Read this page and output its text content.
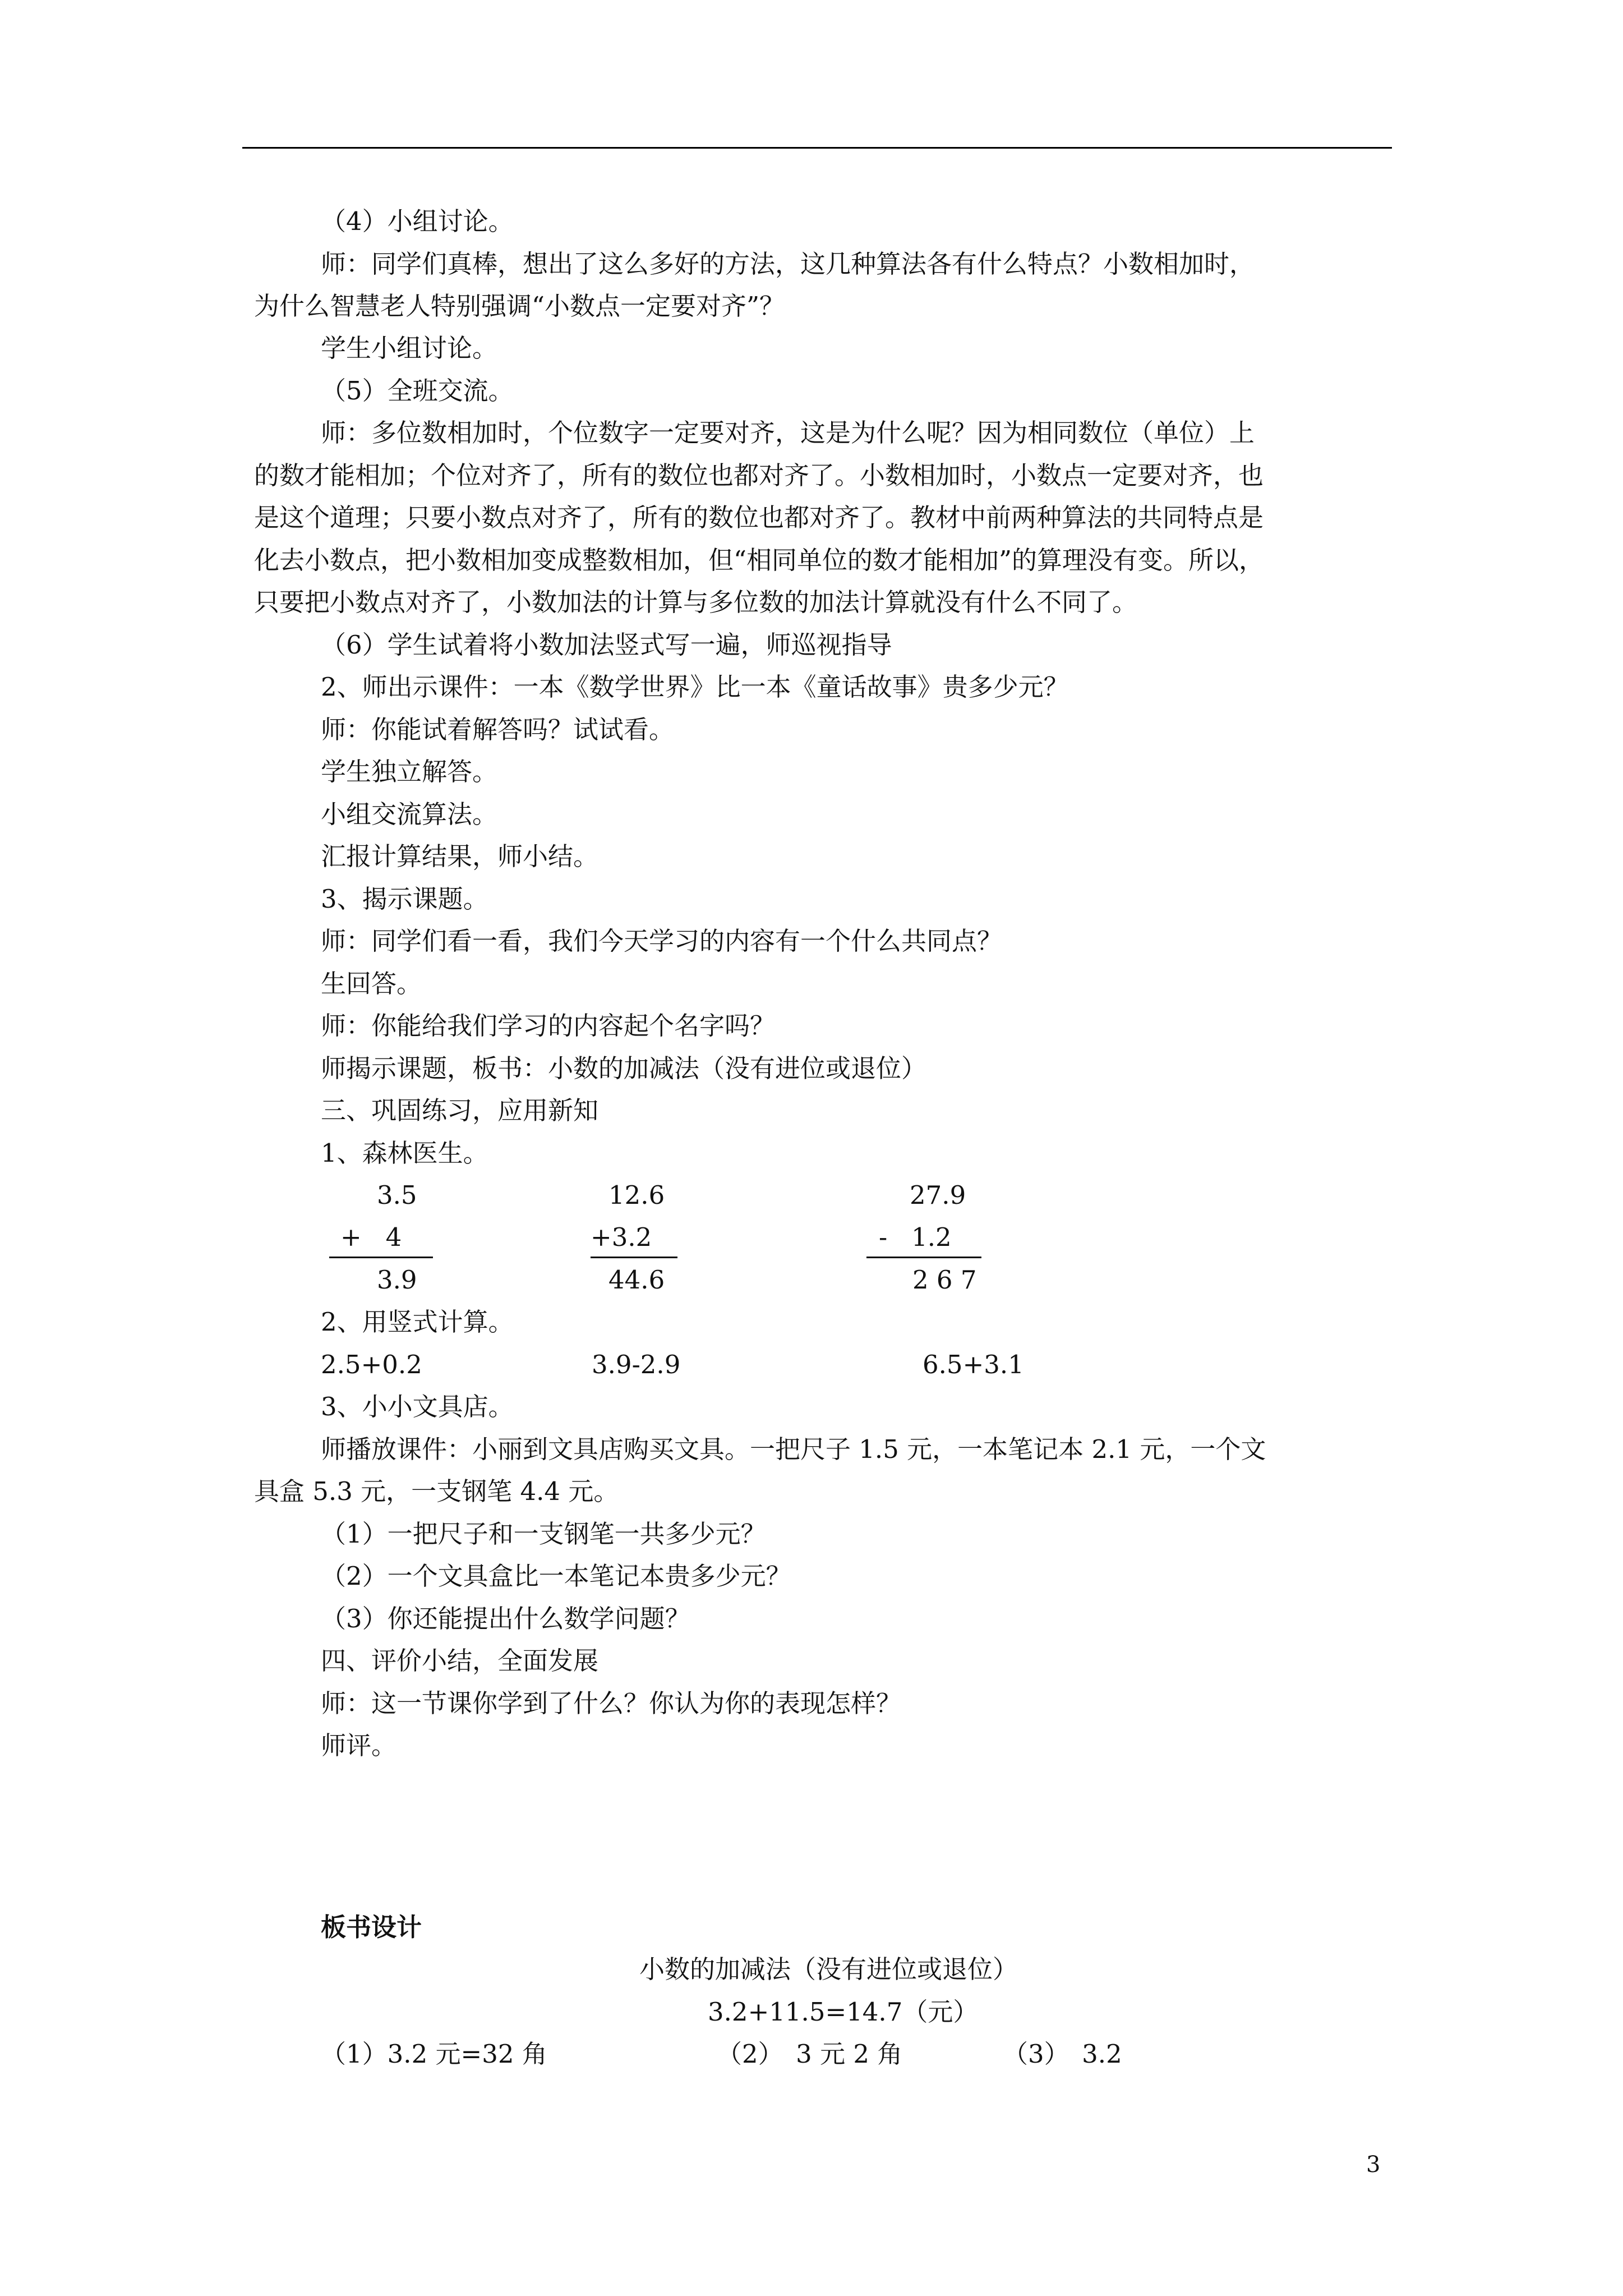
（4）小组讨论。
师：同学们真棒，想出了这么多好的方法，这几种算法各有什么特点？小数相加时，
为什么智慧老人特别强调“小数点一定要对齐”？
学生小组讨论。
（5）全班交流。
师：多位数相加时，个位数字一定要对齐，这是为什么呢？因为相同数位（单位）上
的数才能相加；个位对齐了，所有的数位也都对齐了。小数相加时，小数点一定要对齐，也
是这个道理；只要小数点对齐了，所有的数位也都对齐了。教材中前两种算法的共同特点是
化去小数点，把小数相加变成整数相加，但“相同单位的数才能相加”的算理没有变。所以，
只要把小数点对齐了，小数加法的计算与多位数的加法计算就没有什么不同了。
（6）学生试着将小数加法竖式写一遍，师巡视指导
2、师出示课件：一本《数学世界》比一本《童话故事》贵多少元？
师：你能试着解答吗？试试看。
学生独立解答。
小组交流算法。
汇报计算结果，师小结。
3、揭示课题。
师：同学们看一看，我们今天学习的内容有一个什么共同点？
生回答。
师：你能给我们学习的内容起个名字吗？
师揭示课题，板书：小数的加减法（没有进位或退位）
三、巩固练习，应用新知
1、森林医生。
3.5
+   4
3.9
12.6
+3.2
44.6
27.9
-   1.2
2 6 7
2、用竖式计算。
2.5+0.2	3.9-2.9	6.5+3.1
3、小小文具店。
师播放课件：小丽到文具店购买文具。一把尺子 1.5 元，一本笔记本 2.1 元，一个文
具盒 5.3 元，一支钢笔 4.4 元。
（1）一把尺子和一支钢笔一共多少元？
（2）一个文具盒比一本笔记本贵多少元？
（3）你还能提出什么数学问题？
四、评价小结，全面发展
师：这一节课你学到了什么？你认为你的表现怎样？
师评。
板书设计
小数的加减法（没有进位或退位）
3.2+11.5=14.7（元）
（1）3.2 元=32 角	（2）　3 元 2 角	（3）　3.2
3
